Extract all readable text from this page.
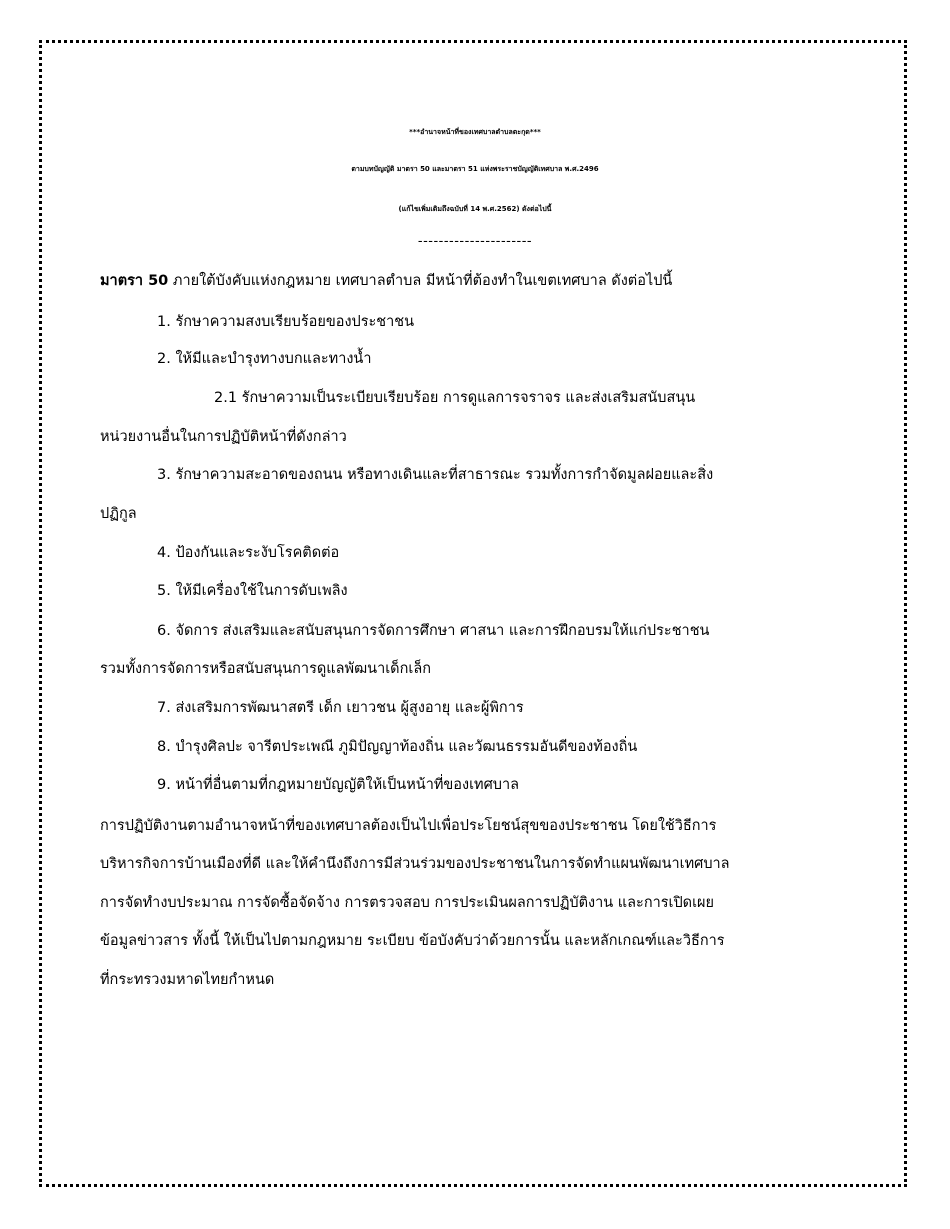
***อำนาจหน้าที่ของเทศบาลตำบลตะกุด***
ตามบทบัญญัติ มาตรา 50 และมาตรา 51 แห่งพระราชบัญญัติเทศบาล พ.ศ.2496
(แก้ไขเพิ่มเติมถึงฉบับที่ 14 พ.ศ.2562) ดังต่อไปนี้
----------------------
มาตรา 50 ภายใต้บังคับแห่งกฎหมาย เทศบาลตำบล มีหน้าที่ต้องทำในเขตเทศบาล ดังต่อไปนี้
1. รักษาความสงบเรียบร้อยของประชาชน
2. ให้มีและบำรุงทางบกและทางน้ำ
2.1 รักษาความเป็นระเบียบเรียบร้อย การดูแลการจราจร และส่งเสริมสนับสนุน
หน่วยงานอื่นในการปฏิบัติหน้าที่ดังกล่าว
3. รักษาความสะอาดของถนน หรือทางเดินและที่สาธารณะ รวมทั้งการกำจัดมูลฝอยและสิ่ง
ปฏิกูล
4. ป้องกันและระงับโรคติดต่อ
5. ให้มีเครื่องใช้ในการดับเพลิง
6. จัดการ ส่งเสริมและสนับสนุนการจัดการศึกษา ศาสนา และการฝึกอบรมให้แก่ประชาชน
รวมทั้งการจัดการหรือสนับสนุนการดูแลพัฒนาเด็กเล็ก
7. ส่งเสริมการพัฒนาสตรี เด็ก เยาวชน ผู้สูงอายุ และผู้พิการ
8. บำรุงศิลปะ จารีตประเพณี ภูมิปัญญาท้องถิ่น และวัฒนธรรมอันดีของท้องถิ่น
9. หน้าที่อื่นตามที่กฎหมายบัญญัติให้เป็นหน้าที่ของเทศบาล
การปฏิบัติงานตามอำนาจหน้าที่ของเทศบาลต้องเป็นไปเพื่อประโยชน์สุขของประชาชน โดยใช้วิธีการ
บริหารกิจการบ้านเมืองที่ดี และให้คำนึงถึงการมีส่วนร่วมของประชาชนในการจัดทำแผนพัฒนาเทศบาล
การจัดทำงบประมาณ การจัดซื้อจัดจ้าง การตรวจสอบ การประเมินผลการปฏิบัติงาน และการเปิดเผย
ข้อมูลข่าวสาร ทั้งนี้ ให้เป็นไปตามกฎหมาย ระเบียบ ข้อบังคับว่าด้วยการนั้น และหลักเกณฑ์และวิธีการ
ที่กระทรวงมหาดไทยกำหนด
